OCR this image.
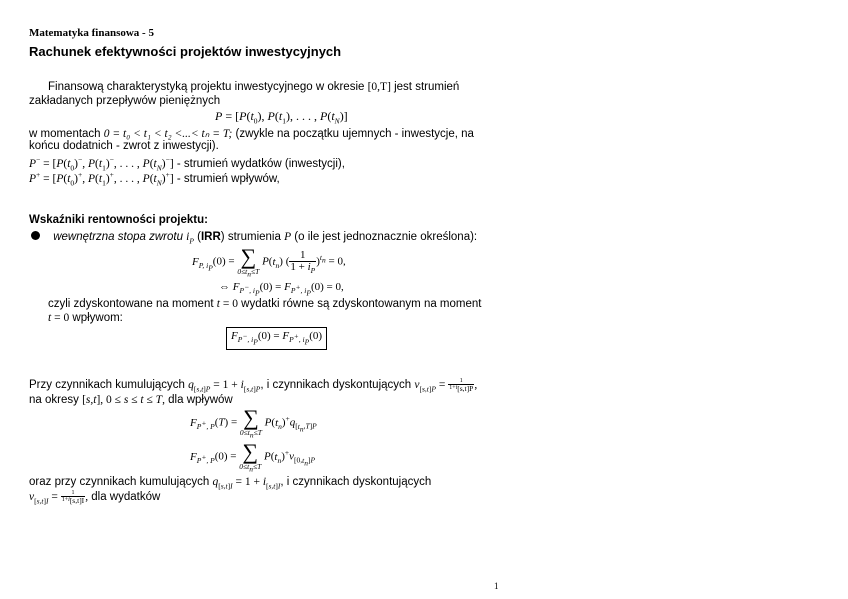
Matematyka finansowa - 5
Rachunek efektywności projektów inwestycyjnych
Finansową charakterystyką projektu inwestycyjnego w okresie [0,T] jest strumień
zakładanych przepływów pieniężnych
$P = [P(t_0)$, $P(t_1)$, . . . , $P(t_N)$]
w momentach 0 = t₀ < t₁ < t₂ <...< tₙ = T; (zwykle na początku ujemnych - inwestycje, na
końcu dodatnich - zwrot z inwestycji).
$P^- = [P(t_0)^-$, $P(t_1)^-$, . . . , $P(t_N)^-$] - strumień wydatków (inwestycji),
$P^+ = [P(t_0)^+$, $P(t_1)^+$, . . . , $P(t_N)^+$] - strumień wpływów,
Wskaźniki rentowności projektu:
wewnętrzna stopa zwrotu $i_P$ (IRR) strumienia P (o ile jest jednoznacznie określona):
$F_{P, i_P}(0)$ = ∑
$0\le t_n\le T$
$P(t_n)$ ( $\frac{1}{1 + i_P} )^{t_n} = 0$,
⇔ $F_{P^-, i_P}(0) = F_{P^+, i_P}(0) = 0$,
czyli zdyskontowane na moment t = 0 wydatki równe są zdyskontowanym na moment
t = 0 wpływom:
$F_{P^-, i_P}(0) = F_{P^+, i_P}(0)$
Przy czynnikach kumulujących $q_{[s,t]P} = 1 + i_{[s,t]P}$, i czynnikach dyskontujących $v_{[s,t]P} = \frac{1}{1+i_{[s,t]P}}$ ,
na okresy [s,t], 0 ≤ s ≤ t ≤ T, dla wpływów
$F_{P^+, P}(T)$ = ∑
$0\le t_n\le T$
$P(t_n)^+q_{[t_n,T]P}$
$F_{P^+, P}(0)$ = ∑
$0\le t_n\le T$
$P(t_n)^+v_{[0,t_n]P}$
oraz przy czynnikach kumulujących $q_{[s,t]I} = 1 + i_{[s,t]I}$, i czynnikach dyskontujących
$v_{[s,t]I} = \frac{1}{1+i_{[s,t]I}}$ , dla wydatków
1
